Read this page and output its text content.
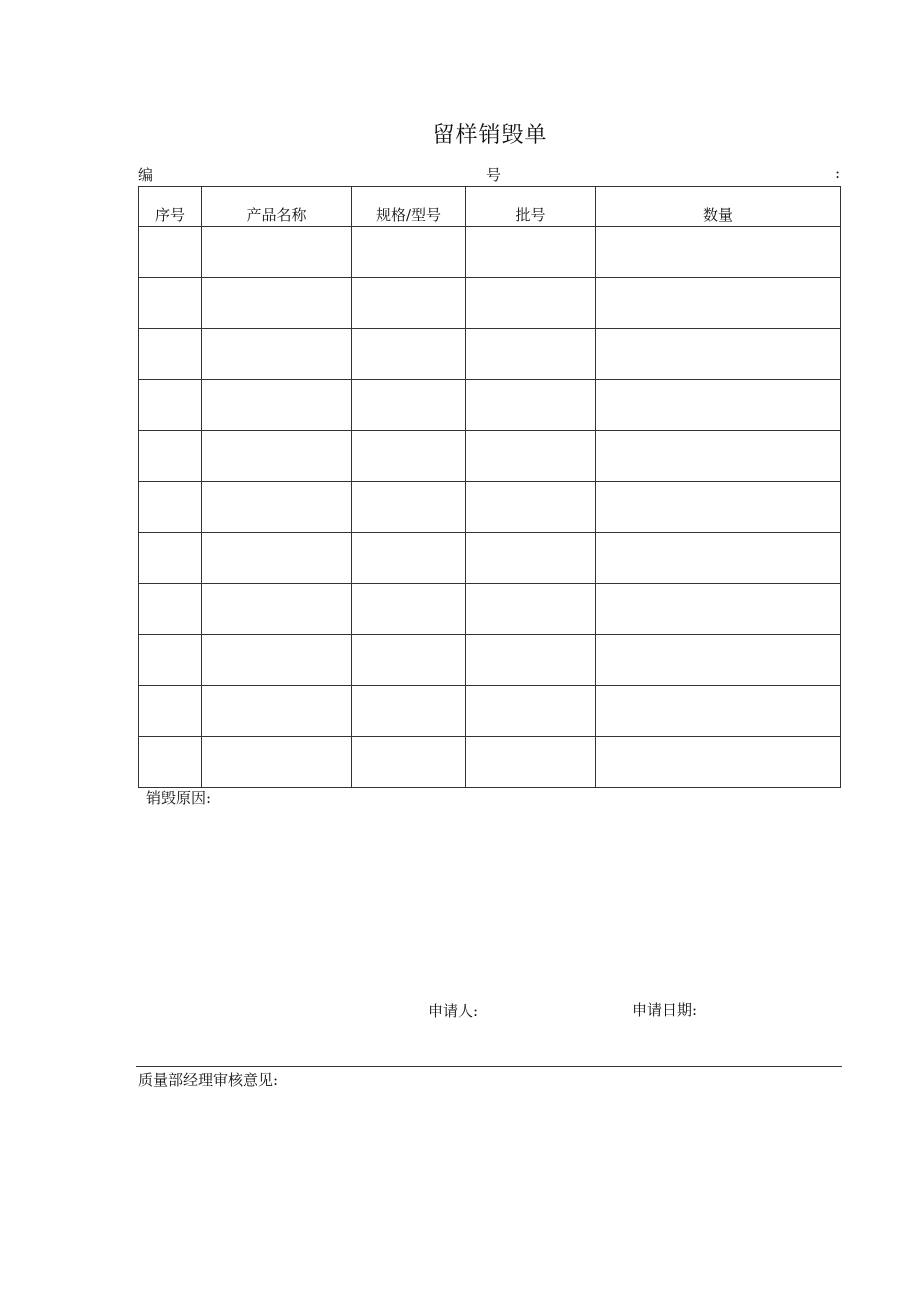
留样销毁单
编	号	:
序号	产品名称	规格/型号	批号	数量

销毁原因:
申请人:	申请日期:
质量部经理审核意见:
